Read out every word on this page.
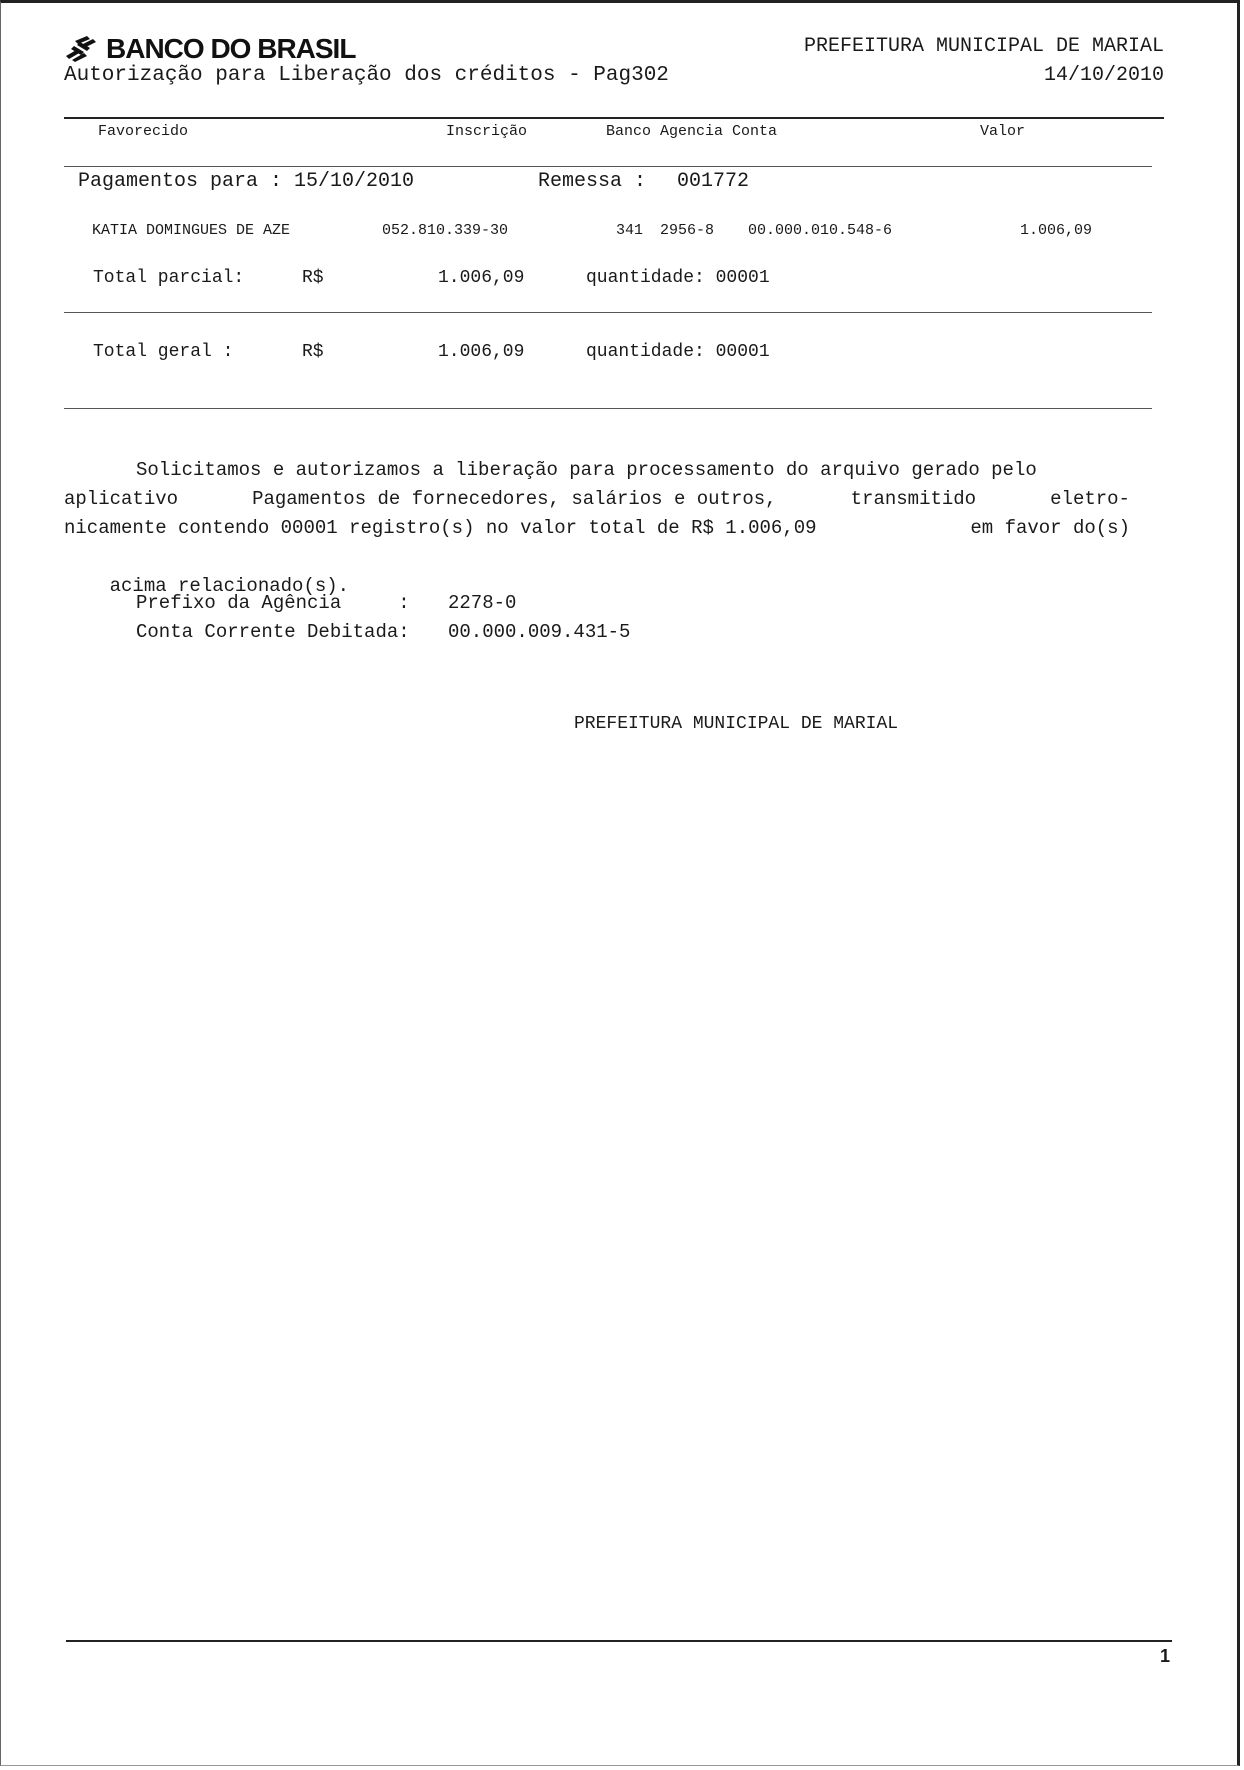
BANCO DO BRASIL
Autorização para Liberação dos créditos - Pag302
PREFEITURA MUNICIPAL DE MARIAL
14/10/2010
Favorecido	Inscrição	Banco Agencia Conta	Valor
Pagamentos para : 15/10/2010	Remessa : 001772
KATIA DOMINGUES DE AZE	052.810.339-30	341 2956-8 00.000.010.548-6	1.006,09
Total parcial:	R$	1.006,09	quantidade: 00001
Total geral :	R$	1.006,09	quantidade: 00001
Solicitamos e autorizamos a liberação para processamento do arquivo gerado pelo
aplicativo	Pagamentos de fornecedores, salários e outros,	transmitido	eletro-
nicamente contendo 00001 registro(s) no valor total de R$ 1.006,09	em favor do(s)

acima relacionado(s).

Prefixo da Agência     : 2278-0
Conta Corrente Debitada: 00.000.009.431-5
PREFEITURA MUNICIPAL DE MARIAL
1
